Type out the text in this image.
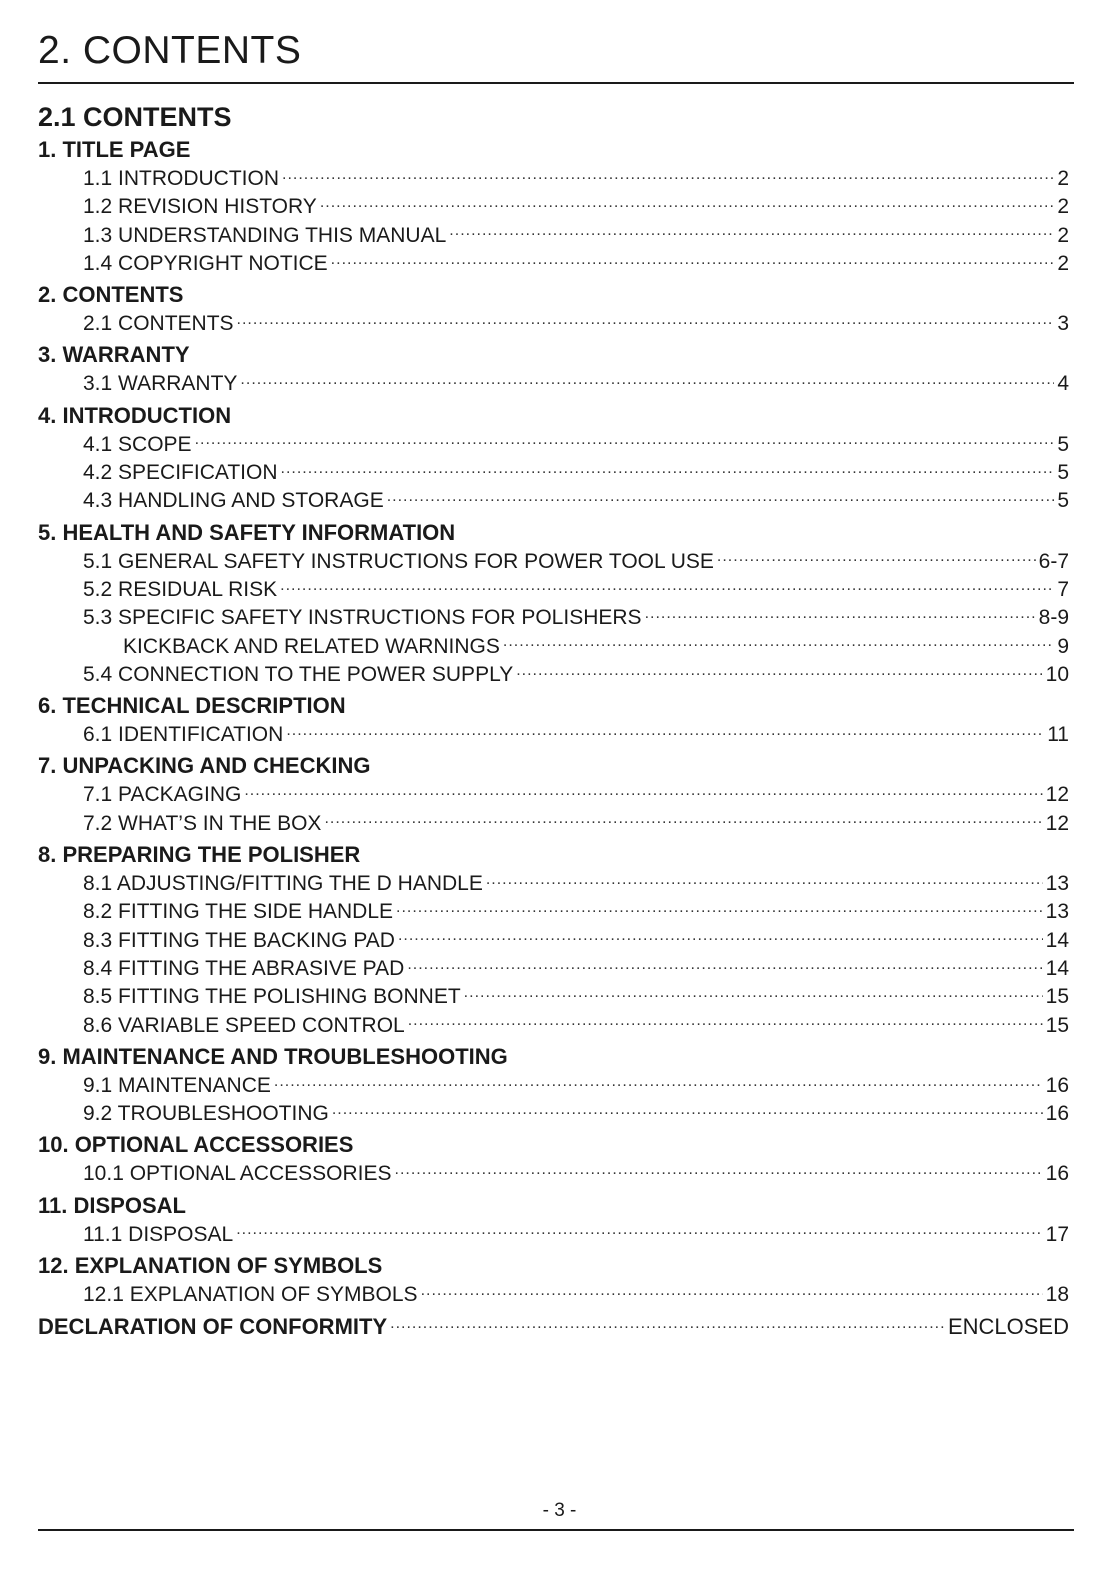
2. CONTENTS
2.1 CONTENTS
1. TITLE PAGE
1.1 INTRODUCTION .....	2
1.2 REVISION HISTORY .....	2
1.3 UNDERSTANDING THIS MANUAL .....	2
1.4 COPYRIGHT NOTICE .....	2
2. CONTENTS
2.1 CONTENTS .....	3
3. WARRANTY
3.1 WARRANTY .....	4
4. INTRODUCTION
4.1 SCOPE .....	5
4.2 SPECIFICATION .....	5
4.3 HANDLING AND STORAGE .....	5
5. HEALTH AND SAFETY INFORMATION
5.1 GENERAL SAFETY INSTRUCTIONS FOR POWER TOOL USE .....	6-7
5.2 RESIDUAL RISK .....	7
5.3 SPECIFIC SAFETY INSTRUCTIONS FOR POLISHERS .....	8-9
KICKBACK AND RELATED WARNINGS .....	9
5.4 CONNECTION TO THE POWER SUPPLY .....	10
6. TECHNICAL DESCRIPTION
6.1 IDENTIFICATION .....	11
7. UNPACKING AND CHECKING
7.1 PACKAGING .....	12
7.2 WHAT’S IN THE BOX .....	12
8. PREPARING THE POLISHER
8.1 ADJUSTING/FITTING THE D HANDLE .....	13
8.2 FITTING THE SIDE HANDLE .....	13
8.3 FITTING THE BACKING PAD .....	14
8.4 FITTING THE ABRASIVE PAD .....	14
8.5 FITTING THE POLISHING BONNET .....	15
8.6 VARIABLE SPEED CONTROL .....	15
9. MAINTENANCE AND TROUBLESHOOTING
9.1 MAINTENANCE .....	16
9.2 TROUBLESHOOTING .....	16
10. OPTIONAL ACCESSORIES
10.1 OPTIONAL ACCESSORIES .....	16
11. DISPOSAL
11.1 DISPOSAL .....	17
12. EXPLANATION OF SYMBOLS
12.1 EXPLANATION OF SYMBOLS .....	18
DECLARATION OF CONFORMITY .....	ENCLOSED
- 3 -
